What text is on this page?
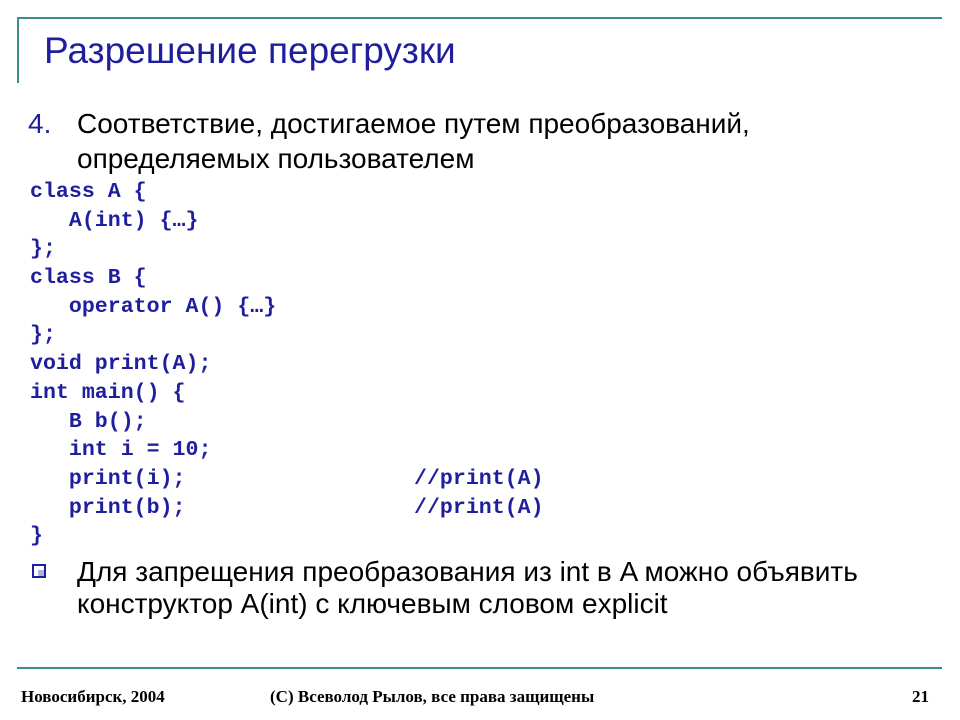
Разрешение перегрузки
4. Соответствие, достигаемое путем преобразований, определяемых пользователем
class A {
A(int) {…}
};
class B {
operator A() {…}
};
void print(A);
int main() {
B b();
int i = 10;
print(i);	//print(A)
print(b);	//print(A)
}
Для запрещения преобразования из int в A можно объявить конструктор A(int) с ключевым словом explicit
Новосибирск, 2004	(C) Всеволод Рылов, все права защищены	21
